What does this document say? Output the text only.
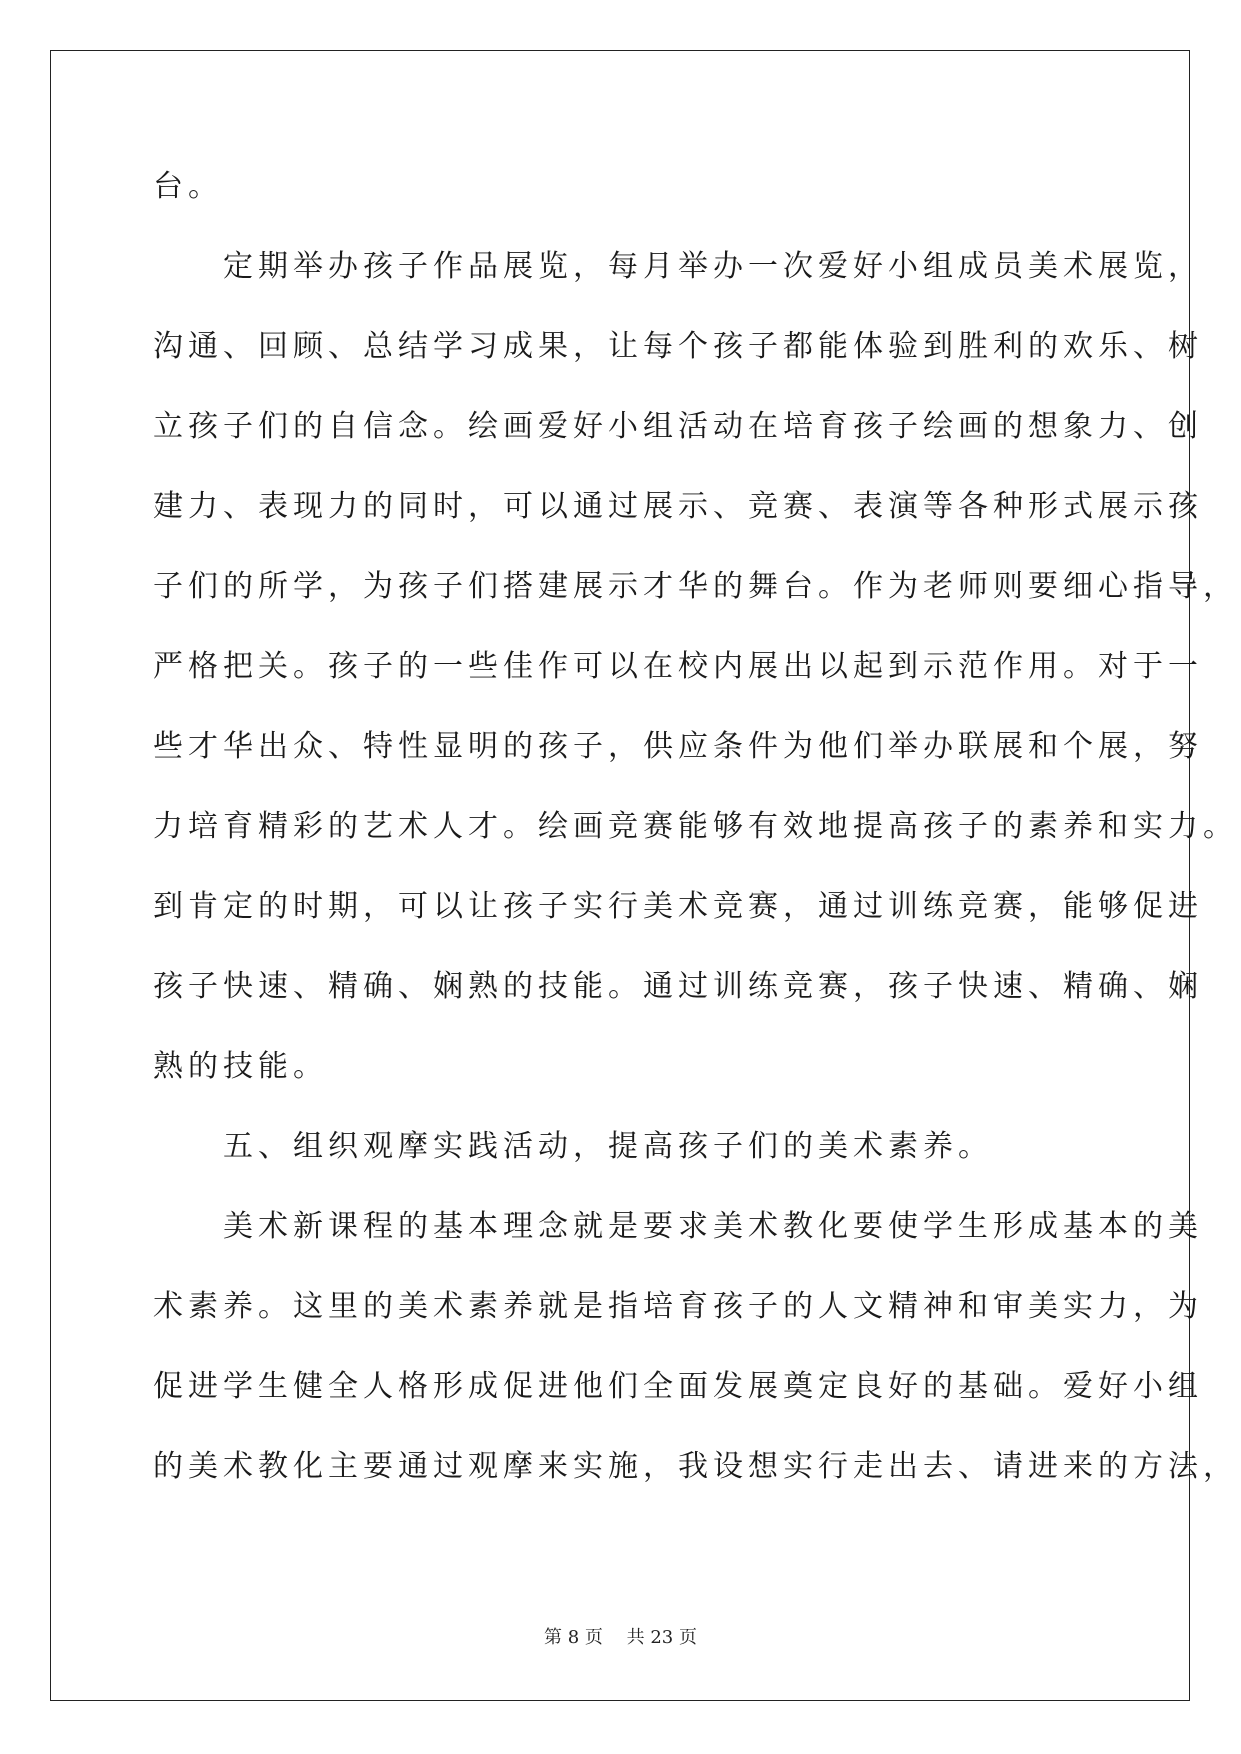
台。
　　定期举办孩子作品展览，每月举办一次爱好小组成员美术展览，
沟通、回顾、总结学习成果，让每个孩子都能体验到胜利的欢乐、树
立孩子们的自信念。绘画爱好小组活动在培育孩子绘画的想象力、创
建力、表现力的同时，可以通过展示、竞赛、表演等各种形式展示孩
子们的所学，为孩子们搭建展示才华的舞台。作为老师则要细心指导，
严格把关。孩子的一些佳作可以在校内展出以起到示范作用。对于一
些才华出众、特性显明的孩子，供应条件为他们举办联展和个展，努
力培育精彩的艺术人才。绘画竞赛能够有效地提高孩子的素养和实力。
到肯定的时期，可以让孩子实行美术竞赛，通过训练竞赛，能够促进
孩子快速、精确、娴熟的技能。通过训练竞赛，孩子快速、精确、娴
熟的技能。
　　五、组织观摩实践活动，提高孩子们的美术素养。
　　美术新课程的基本理念就是要求美术教化要使学生形成基本的美
术素养。这里的美术素养就是指培育孩子的人文精神和审美实力，为
促进学生健全人格形成促进他们全面发展奠定良好的基础。爱好小组
的美术教化主要通过观摩来实施，我设想实行走出去、请进来的方法，
第 8 页　 共 23 页
